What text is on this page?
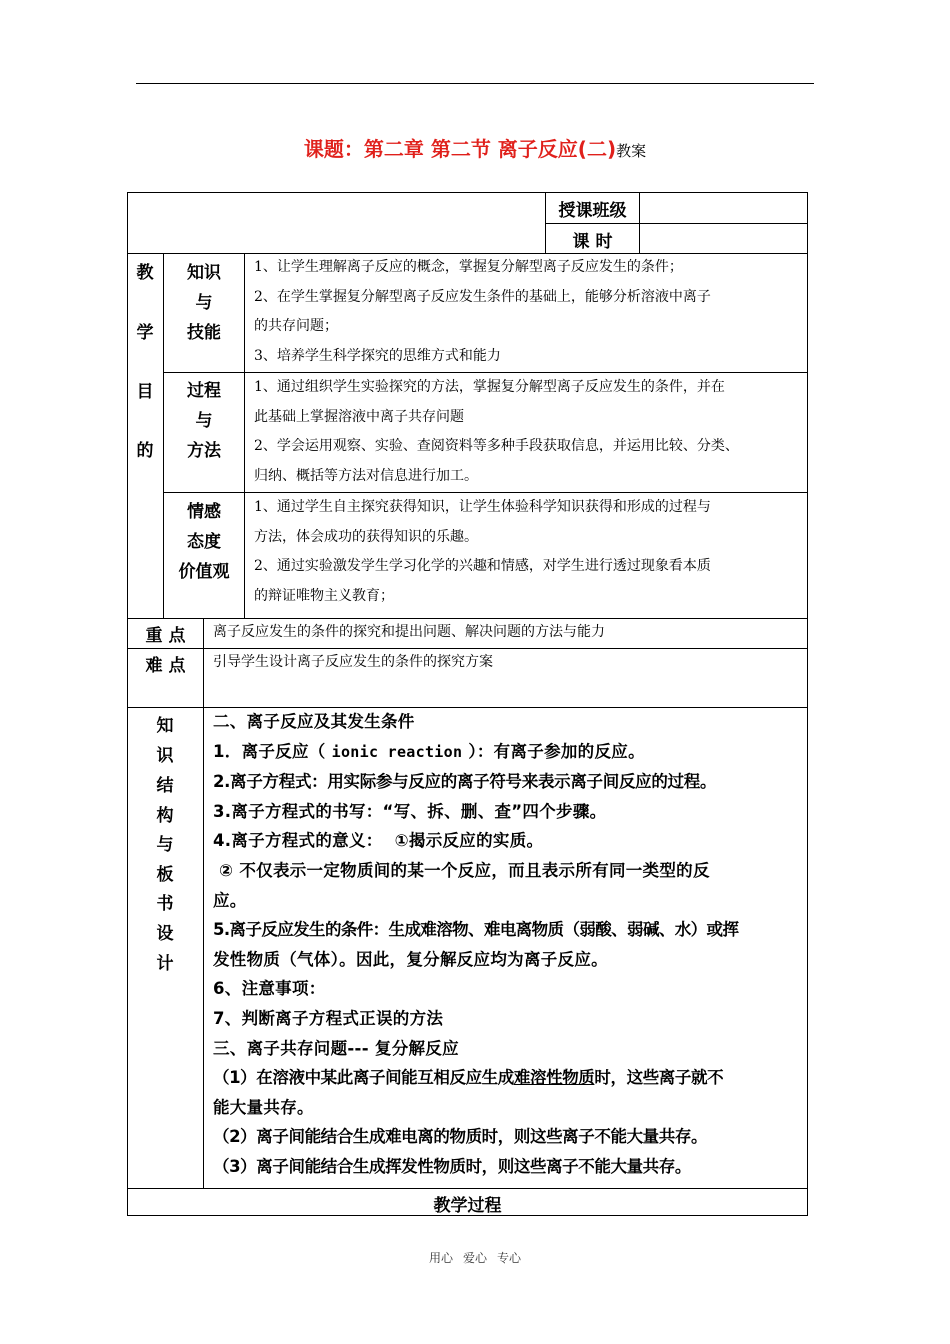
课题：第二章 第二节 离子反应(二)教案
授课班级
课 时
教
学
目
的
知识
与
技能

1、让学生理解离子反应的概念，掌握复分解型离子反应发生的条件；

2、在学生掌握复分解型离子反应发生条件的基础上，能够分析溶液中离子

的共存问题；

3、培养学生科学探究的思维方式和能力

过程
与
方法

1、通过组织学生实验探究的方法，掌握复分解型离子反应发生的条件，并在

此基础上掌握溶液中离子共存问题

2、学会运用观察、实验、查阅资料等多种手段获取信息，并运用比较、分类、

归纳、概括等方法对信息进行加工。

情感
态度
价值观

1、通过学生自主探究获得知识，让学生体验科学知识获得和形成的过程与

方法，体会成功的获得知识的乐趣。

2、通过实验激发学生学习化学的兴趣和情感，对学生进行透过现象看本质

的辩证唯物主义教育；

重 点	离子反应发生的条件的探究和提出问题、解决问题的方法与能力
难 点	引导学生设计离子反应发生的条件的探究方案
知
识
结
构
与
板
书
设
计

二、离子反应及其发生条件

1．离子反应（ ionic reaction ）：有离子参加的反应。

2.离子方程式：用实际参与反应的离子符号来表示离子间反应的过程。

3.离子方程式的书写：“写、拆、删、查”四个步骤。

4.离子方程式的意义：  ①揭示反应的实质。

② 不仅表示一定物质间的某一个反应，而且表示所有同一类型的反

应。

5.离子反应发生的条件：生成难溶物、难电离物质（弱酸、弱碱、水）或挥

发性物质（气体）。因此，复分解反应均为离子反应。

6、注意事项：

7、判断离子方程式正误的方法

三、离子共存问题--- 复分解反应

（1）在溶液中某此离子间能互相反应生成难溶性物质时，这些离子就不

能大量共存。

（2）离子间能结合生成难电离的物质时，则这些离子不能大量共存。

（3）离子间能结合生成挥发性物质时，则这些离子不能大量共存。

教学过程
用心 爱心 专心
